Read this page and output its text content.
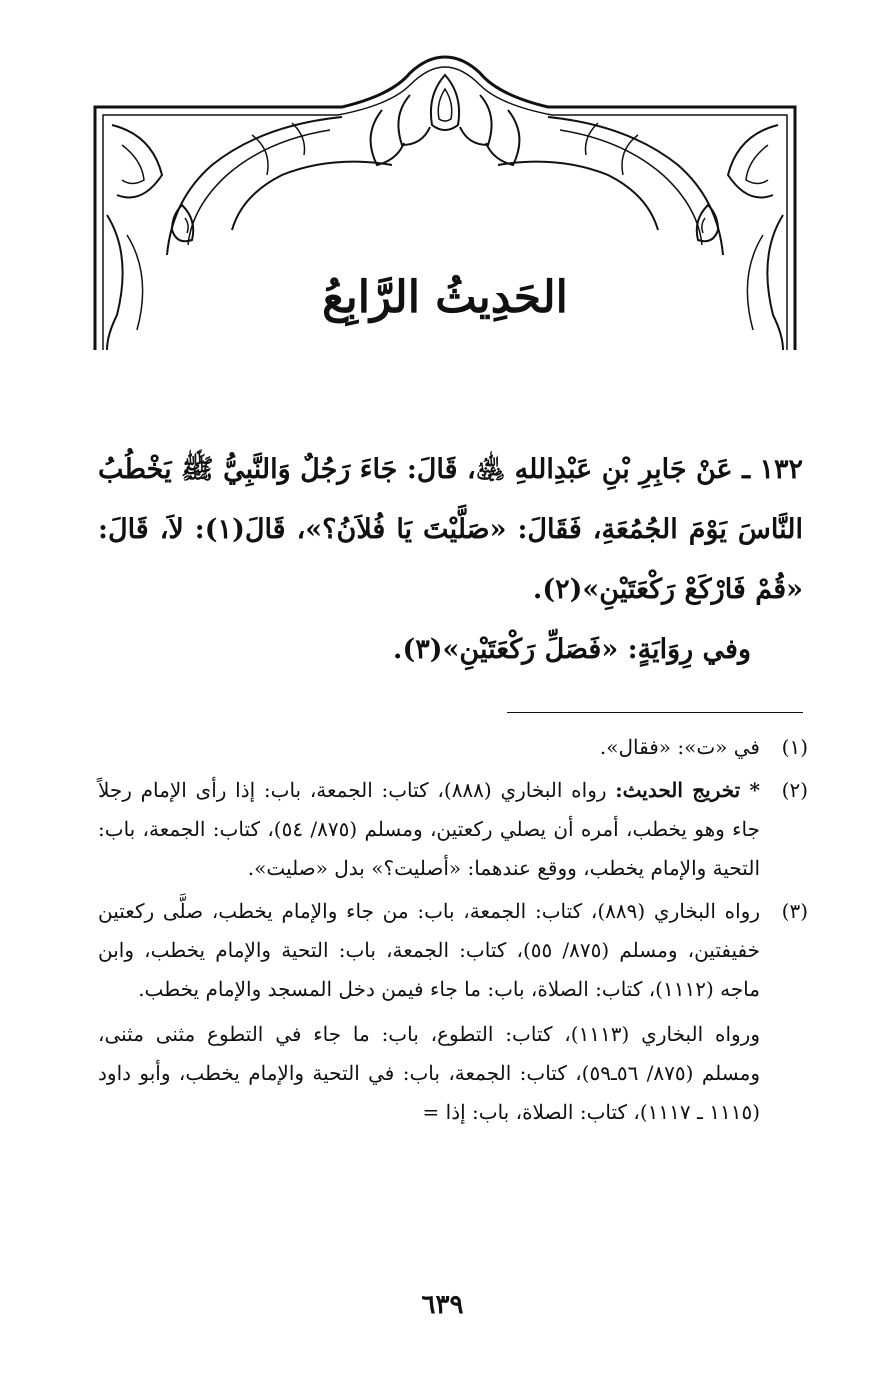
الحَدِيثُ الرَّابِعُ

١٣٢ ـ عَنْ جَابِرِ بْنِ عَبْدِاللهِ ﵁، قَالَ: جَاءَ رَجُلٌ وَالنَّبِيُّ ﷺ يَخْطُبُ النَّاسَ يَوْمَ الجُمُعَةِ، فَقَالَ: «صَلَّيْتَ يَا فُلاَنُ؟»، قَالَ(١): لاَ، قَالَ: «قُمْ فَارْكَعْ رَكْعَتَيْنِ»(٢).

وفي رِوَايَةٍ: «فَصَلِّ رَكْعَتَيْنِ»(٣).

(١)

في «ت»: «فقال».

(٢)

* تخريج الحديث: رواه البخاري (٨٨٨)، كتاب: الجمعة، باب: إذا رأى الإمام رجلاً جاء وهو يخطب، أمره أن يصلي ركعتين، ومسلم (٨٧٥/ ٥٤)، كتاب: الجمعة، باب: التحية والإمام يخطب، ووقع عندهما: «أصليت؟» بدل «صليت».

(٣)

رواه البخاري (٨٨٩)، كتاب: الجمعة، باب: من جاء والإمام يخطب، صلَّى ركعتين خفيفتين، ومسلم (٨٧٥/ ٥٥)، كتاب: الجمعة، باب: التحية والإمام يخطب، وابن ماجه (١١١٢)، كتاب: الصلاة، باب: ما جاء فيمن دخل المسجد والإمام يخطب.

ورواه البخاري (١١١٣)، كتاب: التطوع، باب: ما جاء في التطوع مثنى مثنى، ومسلم (٨٧٥/ ٥٦ـ٥٩)، كتاب: الجمعة، باب: في التحية والإمام يخطب، وأبو داود (١١١٥ ـ ١١١٧)، كتاب: الصلاة، باب: إذا =

٦٣٩
